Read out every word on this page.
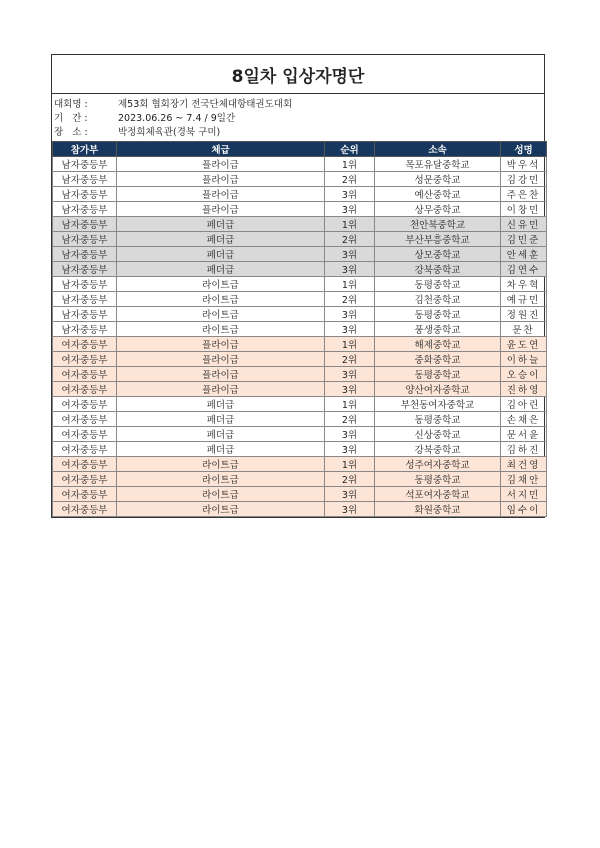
8일차 입상자명단
대회명 :	제53회 협회장기 전국단체대항태권도대회
기   간 :	2023.06.26 ~ 7.4 / 9일간
장   소 :	박정희체육관(경북 구미)
참가부	체급	순위	소속	성명
남자중등부	플라이급	1위	목포유달중학교	박우석
남자중등부	플라이급	2위	성문중학교	김강민
남자중등부	플라이급	3위	예산중학교	주은찬
남자중등부	플라이급	3위	상무중학교	이창민
남자중등부	페더급	1위	천안북중학교	신유민
남자중등부	페더급	2위	부산부흥중학교	김민준
남자중등부	페더급	3위	상모중학교	안세훈
남자중등부	페더급	3위	강북중학교	김연수
남자중등부	라이트급	1위	동평중학교	차우혁
남자중등부	라이트급	2위	김천중학교	예규민
남자중등부	라이트급	3위	동평중학교	정원진
남자중등부	라이트급	3위	풍생중학교	문찬
여자중등부	플라이급	1위	해제중학교	윤도연
여자중등부	플라이급	2위	중화중학교	이하늘
여자중등부	플라이급	3위	동평중학교	오승이
여자중등부	플라이급	3위	양산여자중학교	진하영
여자중등부	페더급	1위	부천동여자중학교	김아린
여자중등부	페더급	2위	동평중학교	손채은
여자중등부	페더급	3위	신상중학교	문서윤
여자중등부	페더급	3위	강북중학교	김하진
여자중등부	라이트급	1위	성주여자중학교	최건영
여자중등부	라이트급	2위	동평중학교	김채안
여자중등부	라이트급	3위	석포여자중학교	서지민
여자중등부	라이트급	3위	화원중학교	임수이
